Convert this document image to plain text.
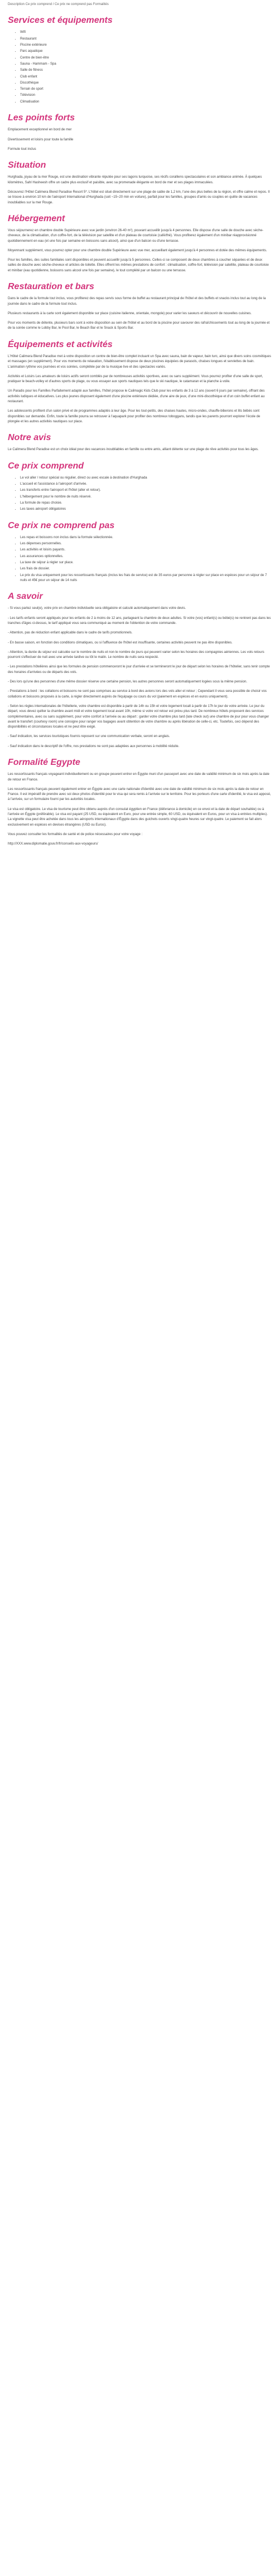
Description Ce prix comprend / Ce prix ne comprend pas Formalités
Services et équipements
• Wifi
• Restaurant
• Piscine extérieure
• Parc aquatique
• Centre de bien-être
• Sauna - Hammam - Spa
• Salle de fitness
• Club enfant
• Discothèque
• Terrain de sport
• Télévision
• Climatisation
Les points forts

Emplacement exceptionnel en bord de mer

Divertissement et loisirs pour toute la famille

Formule tout inclus

Situation

Hurghada, joyau de la mer Rouge, est une destination vibrante réputée pour ses lagons turquoise, ses récifs coralliens spectaculaires et son ambiance animée. À quelques kilomètres, Sahl Hasheesh offre un cadre plus exclusif et paisible, avec sa promenade élégante en bord de mer et ses plages immaculées.

Découvrez l'Hôtel Calimera Blend Paradise Resort 5*. L'hôtel est situé directement sur une plage de sable de 1,2 km, l'une des plus belles de la région, et offre calme et repos. Il se trouve à environ 10 km de l'aéroport International d'Hurghada (soit ~15~20 min en voiture), parfait pour les familles, groupes d'amis ou couples en quête de vacances inoubliables sur la mer Rouge.

Hébergement

Vous séjournerez en chambre double Supérieure avec vue jardin (environ 26-40 m²), pouvant accueillir jusqu'à 4 personnes. Elle dispose d'une salle de douche avec sèche-cheveux, de la climatisation, d'un coffre-fort, de la télévision par satellite et d'un plateau de courtoisie (café/thé). Vous profiterez également d'un minibar réapprovisionné quotidiennement en eau (et une fois par semaine en boissons sans alcool), ainsi que d'un balcon ou d'une terrasse.

Moyennant supplément, vous pourrez opter pour une chambre double Supérieure avec vue mer, accueillant également jusqu'à 4 personnes et dotée des mêmes équipements.

Pour les familles, des suites familiales sont disponibles et peuvent accueillir jusqu'à 5 personnes. Celles-ci se composent de deux chambres à coucher séparées et de deux salles de douche avec sèche-cheveux et articles de toilette. Elles offrent les mêmes prestations de confort : climatisation, coffre-fort, télévision par satellite, plateau de courtoisie et minibar (eau quotidienne, boissons sans alcool une fois par semaine), le tout complété par un balcon ou une terrasse.

Restauration et bars

Dans le cadre de la formule tout inclus, vous profiterez des repas servis sous forme de buffet au restaurant principal de l'hôtel et des buffets et snacks inclus tout au long de la journée dans le cadre de la formule tout inclus.

Plusieurs restaurants à la carte sont également disponible sur place (cuisine italienne, orientale, mongole) pour varier les saveurs et découvrir de nouvelles cuisines.

Pour vos moments de détente, plusieurs bars sont à votre disposition au sein de l'hôtel et au bord de la piscine pour savourer des rafraîchissements tout au long de la journée et de la soirée comme le Lobby Bar, le Pool Bar, le Beach Bar et le Snack & Sports Bar.

Équipements et activités

L'Hôtel Calimera Blend Paradise met à votre disposition un centre de bien-être complet incluant un Spa avec sauna, bain de vapeur, bain turc, ainsi que divers soins cosmétiques et massages (en supplément). Pour vos moments de relaxation, l'établissement dispose de deux piscines équipées de parasols, chaises longues et serviettes de bain. L'animation rythme vos journées et vos soirées, complétée par de la musique live et des spectacles variés.

Activités et Loisirs Les amateurs de loisirs actifs seront comblés par de nombreuses activités sportives, avec ou sans supplément. Vous pourrez profiter d'une salle de sport, pratiquer le beach-volley et d'autres sports de plage, ou vous essayer aux sports nautiques tels que le ski nautique, le catamaran et la planche à voile.

Un Paradis pour les Familles Parfaitement adapté aux familles, l'hôtel propose le Calimagic Kids Club pour les enfants de 3 à 12 ans (ouvert 6 jours par semaine), offrant des activités ludiques et éducatives. Les plus jeunes disposent également d'une piscine extérieure dédiée, d'une aire de jeux, d'une mini-discothèque et d'un coin buffet enfant au restaurant.

Les adolescents profitent d'un salon privé et de programmes adaptés à leur âge. Pour les tout-petits, des chaises hautes, micro-ondes, chauffe-biberons et lits bébés sont disponibles sur demande. Enfin, toute la famille pourra se retrouver à l'aquapark pour profiter des nombreux toboggans, tandis que les parents pourront explorer l'école de plongée et les autres activités nautiques sur place.

Notre avis

Le Calimera Blend Paradise est un choix idéal pour des vacances inoubliables en famille ou entre amis, alliant détente sur une plage de rêve activités pour tous les âges.

Ce prix comprend
• Le vol aller / retour spécial ou régulier, direct ou avec escale à destination d'Hurghada
• L'accueil et l'assistance à l'aéroport d'arrivée.
• Les transferts entre l'aéroport et l'hôtel (aller et retour).
• L'hébergement pour le nombre de nuits réservé.
• La formule de repas choisie.
• Les taxes aéroport obligatoires
Ce prix ne comprend pas
• Les repas et boissons non inclus dans la formule sélectionnée.
• Les dépenses personnelles.
• Les activités et loisirs payants.
• Les assurances optionnelles.
• La taxe de séjour à régler sur place.
• Les frais de dossier.
• Le prix du visa uniquement pour les ressortissants français (inclus les frais de service) est de 35 euros par personne à régler sur place en espèces pour un séjour de 7 nuits et 45€ pour un séjour de 14 nuits
A savoir

- Si vous partez seul(e), votre prix en chambre individuelle sera obligatoire et calculé automatiquement dans votre devis.

- Les tarifs enfants seront appliqués pour les enfants de 2 à moins de 12 ans, partageant la chambre de deux adultes. Si votre (vos) enfant(s) ou bébé(s) ne rentrent pas dans les tranches d'âges ci-dessus, le tarif appliqué vous sera communiqué au moment de l'obtention de votre commande.

- Attention, pas de réduction enfant applicable dans le cadre de tarifs promotionnels.

- En basse saison, en fonction des conditions climatiques, ou si l'affluence de l'hôtel est insuffisante, certaines activités peuvent ne pas être disponibles.

- Attention, la durée du séjour est calculée sur le nombre de nuits et non le nombre de jours qui peuvent varier selon les horaires des compagnies aériennes. Les vols retours pourront s'effectuer de nuit avec une arrivée tardive ou tôt le matin. Le nombre de nuits sera respecté.

- Les prestations hôtelières ainsi que les formules de pension commenceront le jour d'arrivée et se termineront le jour de départ selon les horaires de l'hôtelier, sans tenir compte des horaires d'arrivées ou de départs des vols.

- Des lors qu'une des personnes d'une même dossier réserve une certaine pension, les autres personnes seront automatiquement logées sous la même pension.

- Prestations à bord : les collations et boissons ne sont pas comprises au service à bord des avions lors des vols aller et retour ; Cependant il vous sera possible de choisir vos collations et boissons proposés à la carte, à régler directement auprès de l'équipage ou cours du vol (paiement en espèces et en euros uniquement).

- Selon les règles internationales de l'hôtellerie, votre chambre est disponible à partir de 14h ou 15h et votre logement localt à partir de 17h le jour de votre arrivée. Le jour du départ, vous devez quitter la chambre avant midi et votre logement local avant 10h, même si votre vol retour est prévu plus tard. De nombreux hôtels proposent des services complémentaires, avec ou sans supplément, pour votre confort à l'arrivée ou au départ : garder votre chambre plus tard (late check out) une chambre de jour pour vous changer avant le transfert (courtesy room) une consigne pour ranger vos bagages avant obtention de votre chambre ou après libération de celle-ci, etc. Toutefois, ceci dépend des disponibilités et circonstances locales et ne peut être exigé.

- Sauf indication, les services touristiques fournis reposent sur une communication verbale, seront en anglais.

- Sauf indication dans le descriptif de l'offre, nos prestations ne sont pas adaptées aux personnes à mobilité réduite.

Formalité Egypte

Les ressortissants français voyageant individuellement ou en groupe peuvent entrer en Égypte muni d'un passeport avec une date de validité minimum de six mois après la date de retour en France.

Les ressortissants français peuvent également entrer en Égypte avec une carte nationale d'identité avec une date de validité minimum de six mois après la date de retour en France. Il est impératif de prendre avec soi deux photos d'identité pour le visa qui sera remis à l'arrivée sur le territoire. Pour les porteurs d'une carte d'identité, le visa est apposé, à l'arrivée, sur un formulaire fourni par les autorités locales.

Le visa est obligatoire. Le visa de tourisme peut être obtenu auprès d'un consulat égyptien en France (délivrance à domicile) en ce envoi et la date de départ souhaitée) ou à l'arrivée en Égypte (préférable). Le visa est payant (25 USD, ou équivalent en Euro, pour une entrée simple, 60 USD, ou équivalent en Euros, pour un visa à entrées multiples). La vignette visa peut être achetée dans tous les aéroports internationaux d'Égypte dans des guichets ouverts vingt-quatre heures sur vingt-quatre. Le paiement se fait alors exclusivement en espèces en devises étrangères (USD ou Euros).

Vous pouvez consulter les formalités de santé et de police nécessaires pour votre voyage :

http://XXX.www.diplomatie.gouv.fr/fr/conseils-aux-voyageurs/
